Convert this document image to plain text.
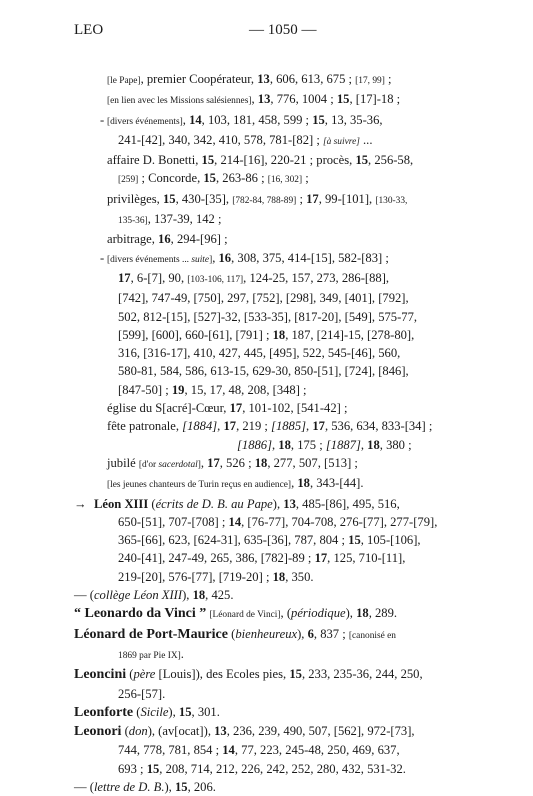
LEO	— 1050 —
[le Pape], premier Coopérateur, 13, 606, 613, 675 ; [17, 99] ;
[en lien avec les Missions salésiennes], 13, 776, 1004 ; 15, [17]-18 ;
- [divers événements], 14, 103, 181, 458, 599 ; 15, 13, 35-36,
241-[42], 340, 342, 410, 578, 781-[82] ; [à suivre] ...
affaire D. Bonetti, 15, 214-[16], 220-21 ; procès, 15, 256-58,
[259] ; Concorde, 15, 263-86 ; [16, 302] ;
privilèges, 15, 430-[35], [782-84, 788-89] ; 17, 99-[101], [130-33,
135-36], 137-39, 142 ;
arbitrage, 16, 294-[96] ;
- [divers événements ... suite], 16, 308, 375, 414-[15], 582-[83] ;
17, 6-[7], 90, [103-106, 117], 124-25, 157, 273, 286-[88],
[742], 747-49, [750], 297, [752], [298], 349, [401], [792],
502, 812-[15], [527]-32, [533-35], [817-20], [549], 575-77,
[599], [600], 660-[61], [791] ; 18, 187, [214]-15, [278-80],
316, [316-17], 410, 427, 445, [495], 522, 545-[46], 560,
580-81, 584, 586, 613-15, 629-30, 850-[51], [724], [846],
[847-50] ; 19, 15, 17, 48, 208, [348] ;
église du S[acré]-Cœur, 17, 101-102, [541-42] ;
fête patronale, [1884], 17, 219 ; [1885], 17, 536, 634, 833-[34] ;
[1886], 18, 175 ; [1887], 18, 380 ;
jubilé [d'or sacerdotal], 17, 526 ; 18, 277, 507, [513] ;
[les jeunes chanteurs de Turin reçus en audience], 18, 343-[44].
→ Léon XIII (écrits de D. B. au Pape), 13, 485-[86], 495, 516,
650-[51], 707-[708] ; 14, [76-77], 704-708, 276-[77], 277-[79],
365-[66], 623, [624-31], 635-[36], 787, 804 ; 15, 105-[106],
240-[41], 247-49, 265, 386, [782]-89 ; 17, 125, 710-[11],
219-[20], 576-[77], [719-20] ; 18, 350.
— (collège Léon XIII), 18, 425.
“ Leonardo da Vinci ” [Léonard de Vinci], (périodique), 18, 289.
Léonard de Port-Maurice (bienheureux), 6, 837 ; [canonisé en
1869 par Pie IX].
Leoncini (père [Louis]), des Ecoles pies, 15, 233, 235-36, 244, 250,
256-[57].
Leonforte (Sicile), 15, 301.
Leonori (don), (av[ocat]), 13, 236, 239, 490, 507, [562], 972-[73],
744, 778, 781, 854 ; 14, 77, 223, 245-48, 250, 469, 637,
693 ; 15, 208, 714, 212, 226, 242, 252, 280, 432, 531-32.
— (lettre de D. B.), 15, 206.
